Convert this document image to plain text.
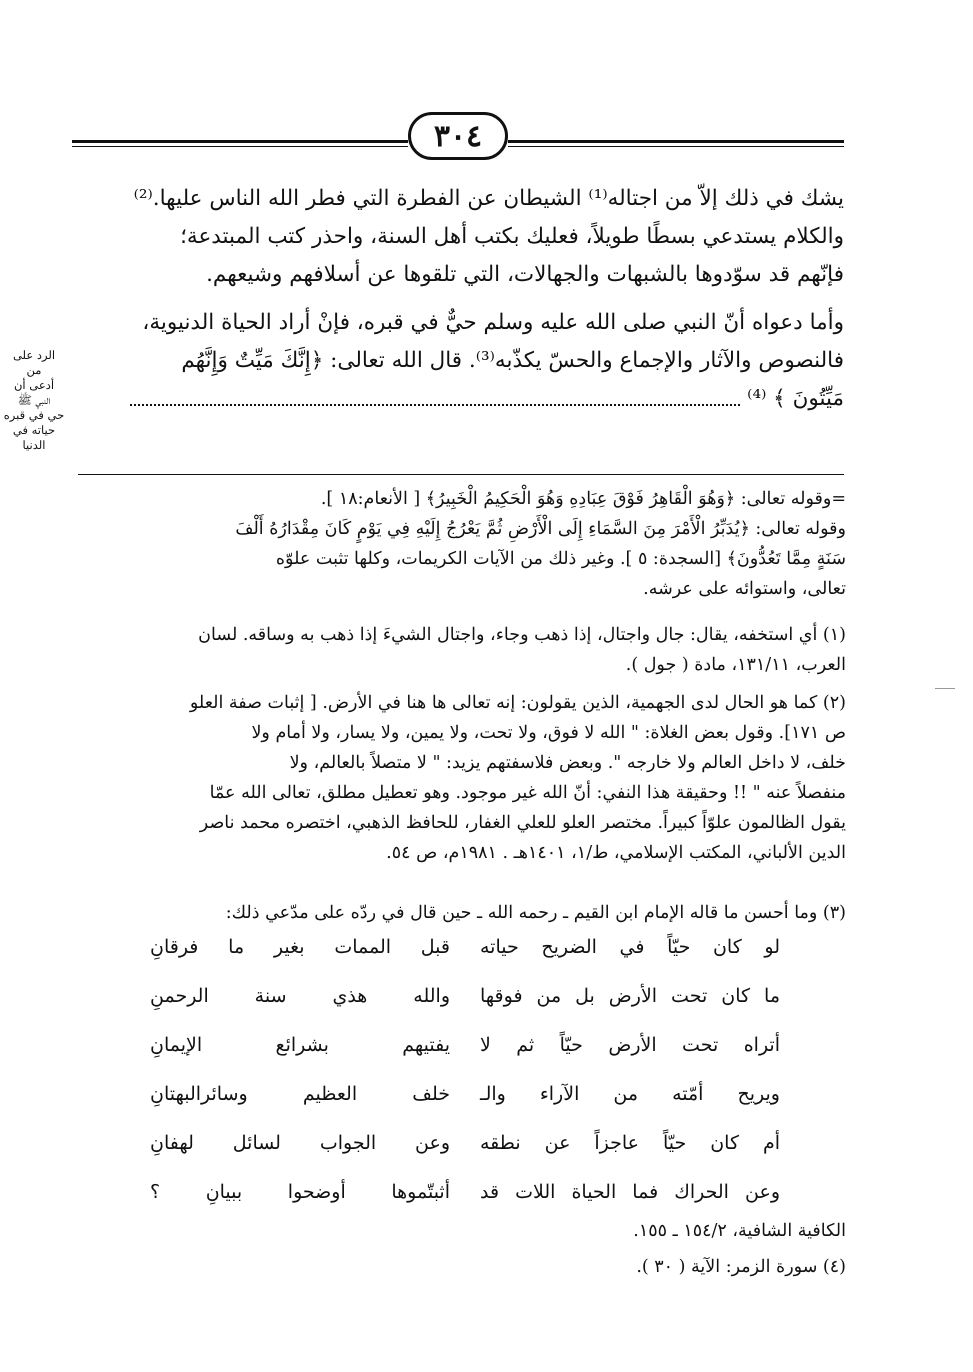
٣٠٤

يشك في ذلك إلاّ من اجتاله⁽¹⁾ الشيطان عن الفطرة التي فطر الله الناس عليها.⁽²⁾

والكلام يستدعي بسطًا طويلاً، فعليك بكتب أهل السنة، واحذر كتب المبتدعة؛

فإنّهم قد سوّدوها بالشبهات والجهالات، التي تلقوها عن أسلافهم وشيعهم.

وأما دعواه أنّ النبي صلى الله عليه وسلم حيٌّ في قبره، فإنْ أراد الحياة الدنيوية،

فالنصوص والآثار والإجماع والحسّ يكذّبه⁽³⁾. قال الله تعالى: ﴿إِنَّكَ مَيِّتٌ وَإِنَّهُم

مَيِّتُونَ ﴾ ⁽⁴⁾

الرد على
من
أدعى أن
النبي ﷺ
حي في قبره
حياته في الدنيا

=وقوله تعالى: ﴿وَهُوَ الْقَاهِرُ فَوْقَ عِبَادِهِ وَهُوَ الْحَكِيمُ الْخَبِيرُ﴾ [ الأنعام:١٨ ].

وقوله تعالى: ﴿يُدَبِّرُ الْأَمْرَ مِنَ السَّمَاءِ إِلَى الْأَرْضِ ثُمَّ يَعْرُجُ إِلَيْهِ فِي يَوْمٍ كَانَ مِقْدَارُهُ أَلْفَ

سَنَةٍ مِمَّا تَعُدُّونَ﴾ [السجدة: ٥ ]. وغير ذلك من الآيات الكريمات، وكلها تثبت علوّه

تعالى، واستوائه على عرشه.

(١) أي استخفه، يقال: جال واجتال، إذا ذهب وجاء، واجتال الشيءَ إذا ذهب به وساقه. لسان

العرب، ١٣١/١١، مادة ( جول ).

(٢) كما هو الحال لدى الجهمية، الذين يقولون: إنه تعالى ها هنا في الأرض. [ إثبات صفة العلو

ص ١٧١]. وقول بعض الغلاة: " الله لا فوق، ولا تحت، ولا يمين، ولا يسار، ولا أمام ولا

خلف، لا داخل العالم ولا خارجه ". وبعض فلاسفتهم يزيد: " لا متصلاً بالعالم، ولا

منفصلاً عنه " !! وحقيقة هذا النفي: أنّ الله غير موجود. وهو تعطيل مطلق، تعالى الله عمّا

يقول الظالمون علوّاً كبيراً. مختصر العلو للعلي الغفار، للحافظ الذهبي، اختصره محمد ناصر

الدين الألباني، المكتب الإسلامي، ط/١، ١٤٠١هـ . ١٩٨١م، ص ٥٤.

(٣) وما أحسن ما قاله الإمام ابن القيم ـ رحمه الله ـ حين قال في ردّه على مدّعي ذلك:

لو كان حيّاً في الضريح حياته
قبل الممات بغير ما فرقانِ
ما كان تحت الأرض بل من فوقها
والله هذي سنة الرحمنِ
أتراه تحت الأرض حيّاً ثم لا
يفتيهم بشرائع الإيمانِ
ويريح أمّته من الآراء والـ
خلف العظيم وسائرالبهتانِ
أم كان حيّاً عاجزاً عن نطقه
وعن الجواب لسائل لهفانِ
وعن الحراك فما الحياة اللات قد
أثبتّموها أوضحوا ببيانِ ؟
الكافية الشافية، ١٥٤/٢ ـ ١٥٥.
(٤) سورة الزمر: الآية ( ٣٠ ).
